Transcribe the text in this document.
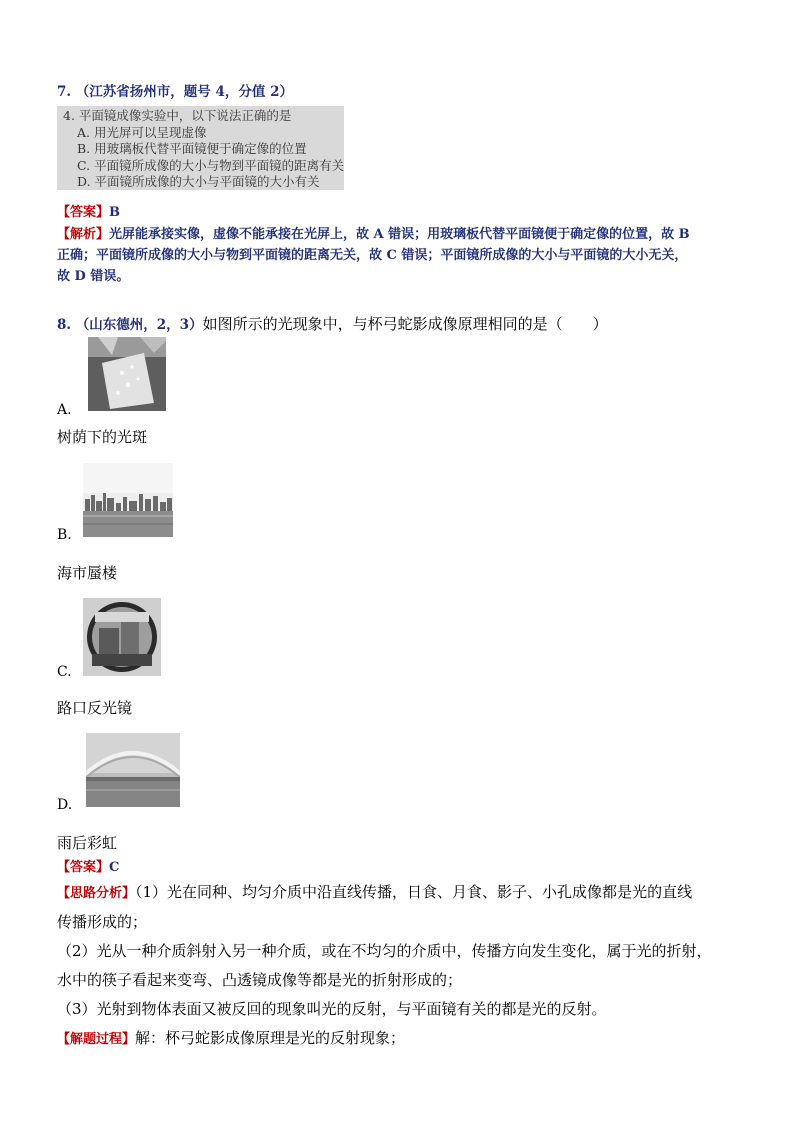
7. （江苏省扬州市，题号 4，分值 2）
4. 平面镜成像实验中，以下说法正确的是
A. 用光屏可以呈现虚像
B. 用玻璃板代替平面镜便于确定像的位置
C. 平面镜所成像的大小与物到平面镜的距离有关
D. 平面镜所成像的大小与平面镜的大小有关
【答案】B
【解析】光屏能承接实像，虚像不能承接在光屏上，故 A 错误；用玻璃板代替平面镜便于确定像的位置，故 B
正确；平面镜所成像的大小与物到平面镜的距离无关，故 C 错误；平面镜所成像的大小与平面镜的大小无关，
故 D 错误。
8. （山东德州，2，3）如图所示的光现象中，与杯弓蛇影成像原理相同的是（　　）
A.
树荫下的光斑
B.
海市蜃楼
C.
路口反光镜
D.
雨后彩虹
【答案】C
【思路分析】（1）光在同种、均匀介质中沿直线传播，日食、月食、影子、小孔成像都是光的直线
传播形成的；
（2）光从一种介质斜射入另一种介质，或在不均匀的介质中，传播方向发生变化，属于光的折射，
水中的筷子看起来变弯、凸透镜成像等都是光的折射形成的；
（3）光射到物体表面又被反回的现象叫光的反射，与平面镜有关的都是光的反射。
【解题过程】解：杯弓蛇影成像原理是光的反射现象；
